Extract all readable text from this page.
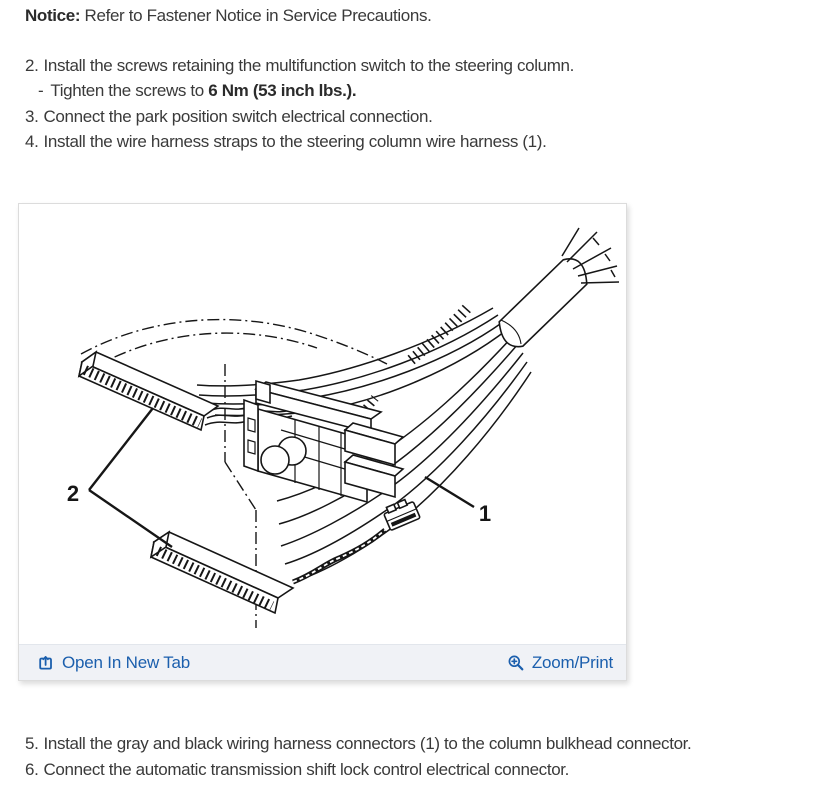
Notice: Refer to Fastener Notice in Service Precautions.
2. Install the screws retaining the multifunction switch to the steering column.
- Tighten the screws to 6 Nm (53 inch lbs.).
3. Connect the park position switch electrical connection.
4. Install the wire harness straps to the steering column wire harness (1).
2
1
Open In New Tab	Zoom/Print
5. Install the gray and black wiring harness connectors (1) to the column bulkhead connector.
6. Connect the automatic transmission shift lock control electrical connector.
